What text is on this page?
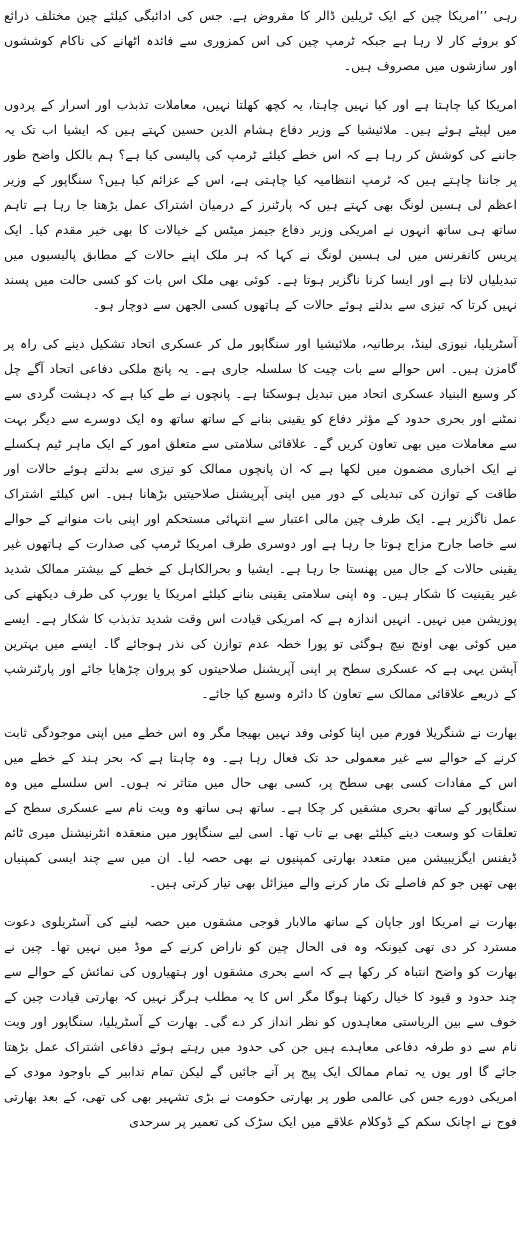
رہی ’’امریکا چین کے ایک ٹریلین ڈالر کا مقروض ہے. جس کی ادائیگی کیلئے چین مختلف ذرائع کو بروئے کار لا رہا ہے جبکہ ٹرمپ چین کی اس کمزوری سے فائدہ اٹھانے کی ناکام کوششوں اور سازشوں میں مصروف ہیں۔

امریکا کیا چاہتا ہے اور کیا نہیں چاہتا، یہ کچھ کھلتا نہیں، معاملات تذبذب اور اسرار کے پردوں میں لپیٹے ہوئے ہیں۔ ملائیشیا کے وزیر دفاع ہشام الدین حسین کہتے ہیں کہ ایشیا اب تک یہ جاننے کی کوشش کر رہا ہے کہ اس خطے کیلئے ٹرمپ کی پالیسی کیا ہے؟ ہم بالکل واضح طور پر جاننا چاہتے ہیں کہ ٹرمپ انتظامیہ کیا چاہتی ہے، اس کے عزائم کیا ہیں؟ سنگاپور کے وزیر اعظم لی ہسین لونگ بھی کہتے ہیں کہ پارٹنرز کے درمیان اشتراک عمل بڑھتا جا رہا ہے تاہم ساتھ ہی ساتھ انہوں نے امریکی وزیر دفاع جیمز میٹس کے خیالات کا بھی خیر مقدم کیا۔ ایک پریس کانفرنس میں لی ہسین لونگ نے کہا کہ ہر ملک اپنے حالات کے مطابق پالیسیوں میں تبدیلیاں لاتا ہے اور ایسا کرنا ناگزیر ہوتا ہے۔ کوئی بھی ملک اس بات کو کسی حالت میں پسند نہیں کرتا کہ تیزی سے بدلتے ہوئے حالات کے ہاتھوں کسی الجھن سے دوچار ہو۔

آسٹریلیا، نیوزی لینڈ، برطانیہ، ملائیشیا اور سنگاپور مل کر عسکری اتحاد تشکیل دینے کی راہ پر گامزن ہیں۔ اس حوالے سے بات چیت کا سلسلہ جاری ہے۔ یہ پانچ ملکی دفاعی اتحاد آگے چل کر وسیع البنیاد عسکری اتحاد میں تبدیل ہوسکتا ہے۔ پانچوں نے طے کیا ہے کہ دہشت گردی سے نمٹنے اور بحری حدود کے مؤثر دفاع کو یقینی بنانے کے ساتھ ساتھ وہ ایک دوسرے سے دیگر بہت سے معاملات میں بھی تعاون کریں گے۔ علاقائی سلامتی سے متعلق امور کے ایک ماہر ٹیم ہکسلے نے ایک اخباری مضمون میں لکھا ہے کہ ان پانچوں ممالک کو تیزی سے بدلتے ہوئے حالات اور طاقت کے توازن کی تبدیلی کے دور میں اپنی آپریشنل صلاحیتیں بڑھانا ہیں۔ اس کیلئے اشتراک عمل ناگزیر ہے۔ ایک طرف چین مالی اعتبار سے انتہائی مستحکم اور اپنی بات منوانے کے حوالے سے خاصا جارح مزاج ہوتا جا رہا ہے اور دوسری طرف امریکا ٹرمپ کی صدارت کے ہاتھوں غیر یقینی حالات کے جال میں پھنستا جا رہا ہے۔ ایشیا و بحرالکاہل کے خطے کے بیشتر ممالک شدید غیر یقینیت کا شکار ہیں۔ وہ اپنی سلامتی یقینی بنانے کیلئے امریکا یا یورپ کی طرف دیکھنے کی پوزیشن میں نہیں۔ انہیں اندازہ ہے کہ امریکی قیادت اس وقت شدید تذبذب کا شکار ہے۔ ایسے میں کوئی بھی اونچ نیچ ہوگئی تو پورا خطہ عدم توازن کی نذر ہوجائے گا۔ ایسے میں بہترین آپشن یہی ہے کہ عسکری سطح پر اپنی آپریشنل صلاحیتوں کو پروان چڑھایا جائے اور پارٹنرشپ کے ذریعے علاقائی ممالک سے تعاون کا دائرہ وسیع کیا جائے۔

بھارت نے شنگریلا فورم میں اپنا کوئی وفد نہیں بھیجا مگر وہ اس خطے میں اپنی موجودگی ثابت کرنے کے حوالے سے غیر معمولی حد تک فعال رہا ہے۔ وہ چاہتا ہے کہ بحر ہند کے خطے میں اس کے مفادات کسی بھی سطح پر، کسی بھی حال میں متاثر نہ ہوں۔ اس سلسلے میں وہ سنگاپور کے ساتھ بحری مشقیں کر چکا ہے۔ ساتھ ہی ساتھ وہ ویت نام سے عسکری سطح کے تعلقات کو وسعت دینے کیلئے بھی بے تاب تھا۔ اسی لیے سنگاپور میں منعقدہ انٹرنیشنل میری ٹائم ڈیفنس ایگزیبیشن میں متعدد بھارتی کمپنیوں نے بھی حصہ لیا۔ ان میں سے چند ایسی کمپنیاں بھی تھیں جو کم فاصلے تک مار کرنے والے میزائل بھی تیار کرتی ہیں۔

بھارت نے امریکا اور جاپان کے ساتھ مالابار فوجی مشقوں میں حصہ لینے کی آسٹریلوی دعوت مسترد کر دی تھی کیونکہ وہ فی الحال چین کو ناراض کرنے کے موڈ میں نہیں تھا۔ چین نے بھارت کو واضح انتباہ کر رکھا ہے کہ اسے بحری مشقوں اور ہتھیاروں کی نمائش کے حوالے سے چند حدود و قیود کا خیال رکھنا ہوگا مگر اس کا یہ مطلب ہرگز نہیں کہ بھارتی قیادت چین کے خوف سے بین الریاستی معاہدوں کو نظر انداز کر دے گی۔ بھارت کے آسٹریلیا، سنگاپور اور ویت نام سے دو طرفہ دفاعی معاہدے ہیں جن کی حدود میں رہتے ہوئے دفاعی اشتراک عمل بڑھتا جائے گا اور یوں یہ تمام ممالک ایک پیج پر آتے جائیں گے لیکن تمام تدابیر کے باوجود مودی کے امریکی دورے جس کی عالمی طور پر بھارتی حکومت نے بڑی تشہیر بھی کی تھی، کے بعد بھارتی فوج نے اچانک سکم کے ڈوکلام علاقے میں ایک سڑک کی تعمیر پر سرحدی
